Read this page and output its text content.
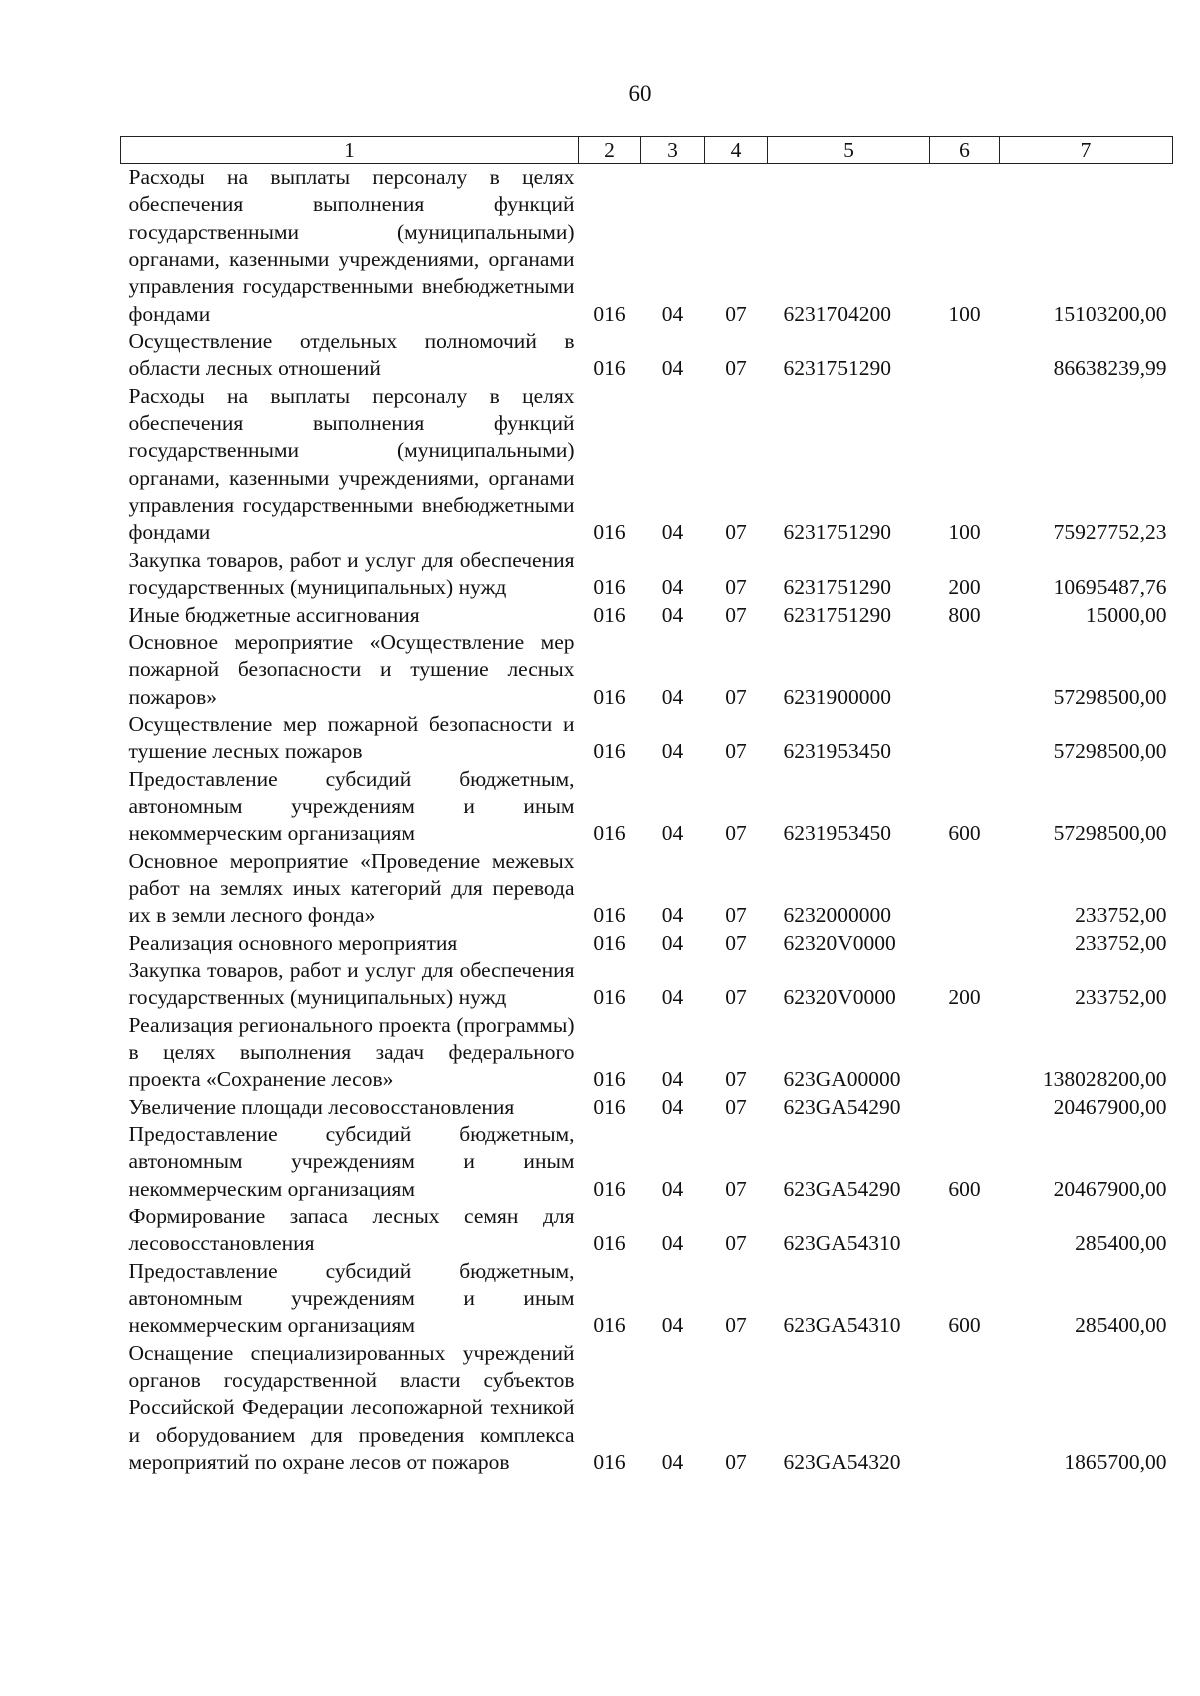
60
1	2	3	4	5	6	7
Расходы на выплаты персоналу в целях обеспечения выполнения функций государственными (муниципальными) органами, казенными учреждениями, органами управления государственными внебюджетными фондами	016	04	07	6231704200	100	15103200,00
Осуществление отдельных полномочий в области лесных отношений	016	04	07	6231751290		86638239,99
Расходы на выплаты персоналу в целях обеспечения выполнения функций государственными (муниципальными) органами, казенными учреждениями, органами управления государственными внебюджетными фондами	016	04	07	6231751290	100	75927752,23
Закупка товаров, работ и услуг для обеспечения государственных (муниципальных) нужд	016	04	07	6231751290	200	10695487,76
Иные бюджетные ассигнования	016	04	07	6231751290	800	15000,00
Основное мероприятие «Осуществление мер пожарной безопасности и тушение лесных пожаров»	016	04	07	6231900000		57298500,00
Осуществление мер пожарной безопасности и тушение лесных пожаров	016	04	07	6231953450		57298500,00
Предоставление субсидий бюджетным, автономным учреждениям и иным некоммерческим организациям	016	04	07	6231953450	600	57298500,00
Основное мероприятие «Проведение межевых работ на землях иных категорий для перевода их в земли лесного фонда»	016	04	07	6232000000		233752,00
Реализация основного мероприятия	016	04	07	62320V0000		233752,00
Закупка товаров, работ и услуг для обеспечения государственных (муниципальных) нужд	016	04	07	62320V0000	200	233752,00
Реализация регионального проекта (программы) в целях выполнения задач федерального проекта «Сохранение лесов»	016	04	07	623GA00000		138028200,00
Увеличение площади лесовосстановления	016	04	07	623GA54290		20467900,00
Предоставление субсидий бюджетным, автономным учреждениям и иным некоммерческим организациям	016	04	07	623GA54290	600	20467900,00
Формирование запаса лесных семян для лесовосстановления	016	04	07	623GA54310		285400,00
Предоставление субсидий бюджетным, автономным учреждениям и иным некоммерческим организациям	016	04	07	623GA54310	600	285400,00
Оснащение специализированных учреждений органов государственной власти субъектов Российской Федерации лесопожарной техникой и оборудованием для проведения комплекса мероприятий по охране лесов от пожаров	016	04	07	623GA54320		1865700,00
